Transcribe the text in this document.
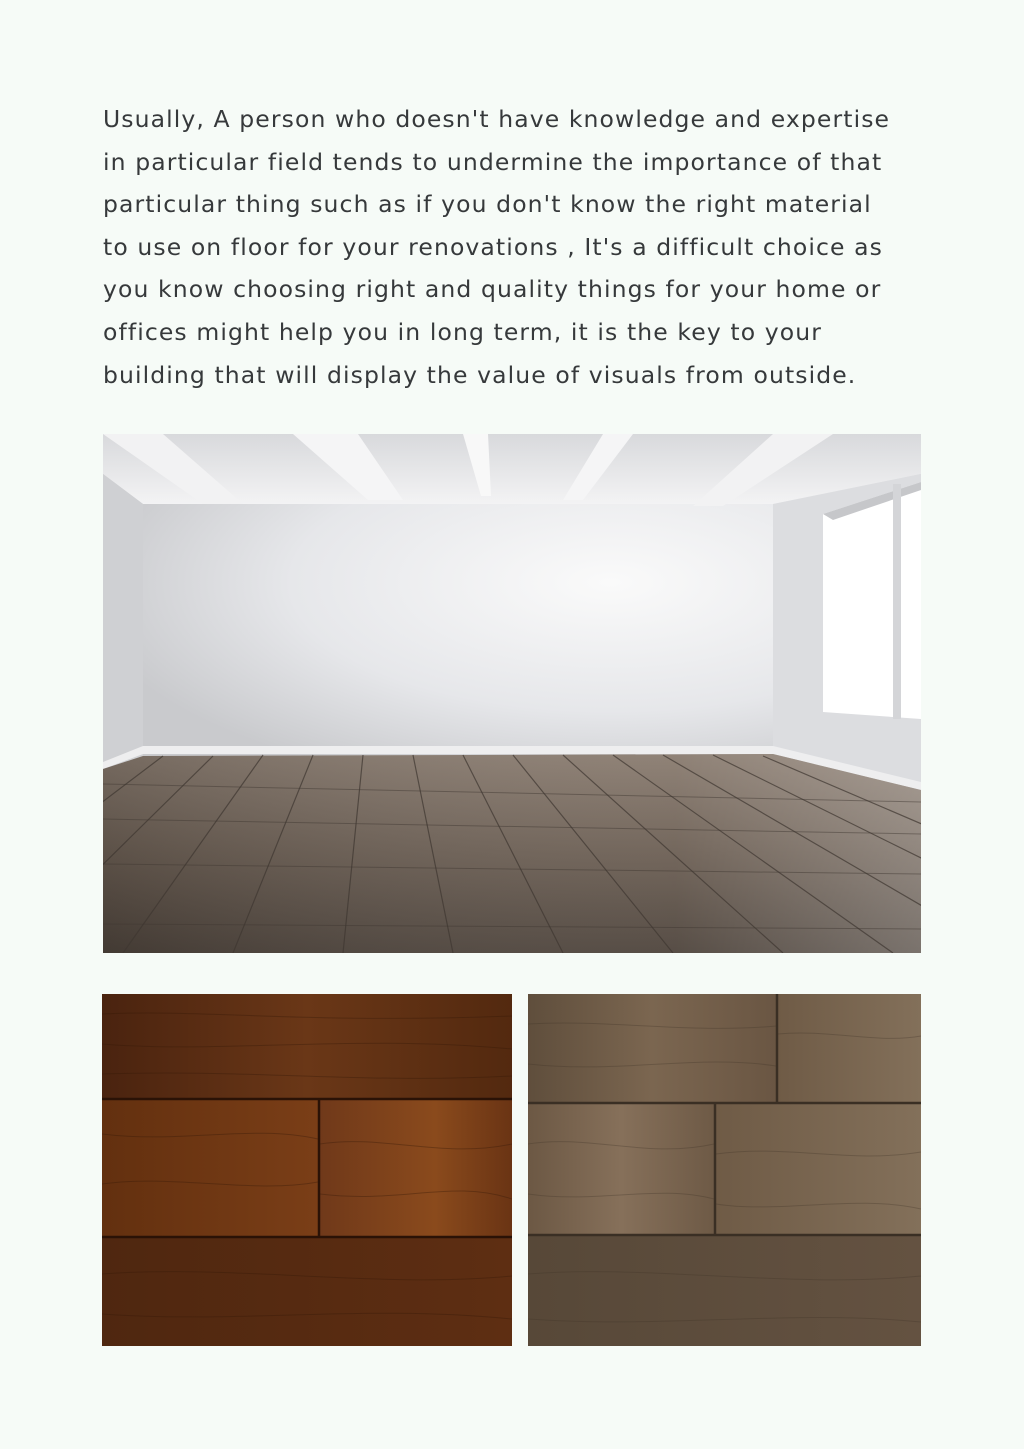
Usually, A person who doesn't have knowledge and expertise
in particular field tends to undermine the importance of that
particular thing such as if you don't know the right material
to use on floor for your renovations , It's a difficult choice as
you know choosing right and quality things for your home or
offices might help you in long term, it is the key to your
building that will display the value of visuals from outside.
